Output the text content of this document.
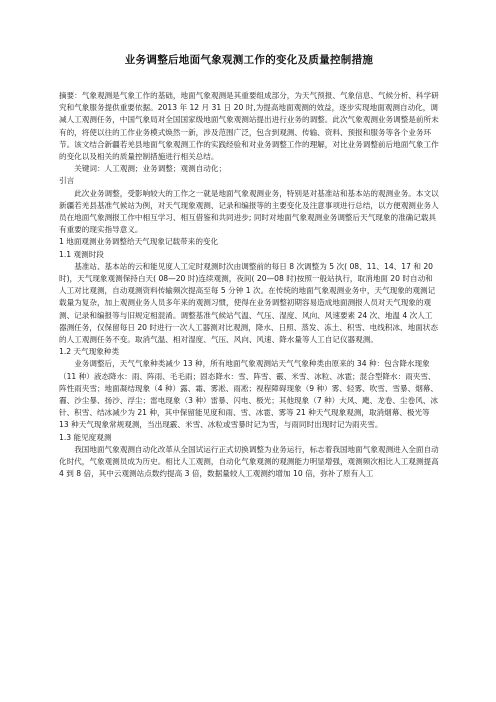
业务调整后地面气象观测工作的变化及质量控制措施

摘要：气象观测是气象工作的基础，地面气象观测是其重要组成部分，为天气预报、气象信息、气候分析、科学研究和气象服务提供重要依据。2013 年 12 月 31 日 20 时,为提高地面观测的效益，逐步实现地面观测自动化，调减人工观测任务，中国气象局对全国国家级地面气象观测站提出进行业务的调整。此次气象观测业务调整是前所未有的，将使以往的工作业务模式焕然一新，涉及范围广泛，包含到观测、传输、资料、预报和服务等各个业务环节。该文结合新疆若羌县地面气象观测工作的实践经验和对业务调整工作的理解，对比业务调整前后地面气象工作的变化以及相关的质量控制措施进行相关总结。

关键词：人工观测；业务调整；观测自动化；

引言

此次业务调整，受影响较大的工作之一就是地面气象观测业务，特别是对基准站和基本站的观测业务。本文以新疆若羌县基准气候站为例，对天气现象观测、记录和编报等的主要变化及注意事项进行总结，以方便观测业务人员在地面气象测报工作中相互学习、相互借鉴和共同进步; 同时对地面气象观测业务调整后天气现象的准确记载具有重要的现实指导意义。

1 地面观测业务调整给天气现象记载带来的变化

1.1 观测时段

基准站、基本站的云和能见度人工定时观测时次由调整前的每日 8 次调整为 5 次( 08、11、14、17 和 20 时)，天气现象观测保持白天( 08—20 时)连续观测，夜间( 20—08 时)按照一般站执行，取消地面 20 时自动和人工对比观测，自动观测资料传输频次提高至每 5 分钟 1 次。在传统的地面气象观测业务中，天气现象的观测记载量为复杂，加上观测业务人员多年来的观测习惯，使得在业务调整初期容易造成地面测报人员对天气现象的观测、记录和编报等与旧规定相混淆。调整基准气候站气温、气压、湿度、风向、风速要素 24 次、地温 4 次人工器测任务，仅保留每日 20 时进行一次人工器测对比观测，降水、日照、蒸发、冻土、积雪、电线积冰、地面状态的人工观测任务不变。取消气温、相对湿度、气压、风向、风速、降水量等人工自记仪器观测。

1.2 天气现象种类

业务调整后，天气气象种类减少 13 种，所有地面气象观测站天气气象种类由原来的 34 种：包含降水现象（11 种）液态降水：雨、阵雨、毛毛雨；固态降水：雪、阵雪、霰、米雪、冰粒、冰雹；混合型降水：雨夹雪、阵性雨夹雪；地面凝结现象（4 种）露、霜、雾凇、雨凇；视程障碍现象（9 种）雾、轻雾、吹雪、雪暴、烟幕、霾、沙尘暴、扬沙、浮尘；雷电现象（3 种）雷暴、闪电、极光；其他现象（7 种）大风、飑、龙卷、尘卷风、冰针、积雪、结冰减少为 21 种，其中保留能见度和雨、雪、冰雹、雾等 21 种天气现象观测，取消烟幕、极光等 13 种天气现象常规观测，当出现霰、米雪、冰粒或雪暴时记为雪，与雨同时出现时记为雨夹雪。

1.3 能见度观测

我国地面气象观测自动化改革从全国试运行正式切换调整为业务运行，标志着我国地面气象观测进入全面自动化时代，气象观测员成为历史。相比人工观测，自动化气象观测的观测能力明显增强，观测频次相比人工观测提高 4 到 8 倍，其中云观测站点数约提高 3 倍，数据量较人工观测约增加 10 倍，弥补了原有人工
